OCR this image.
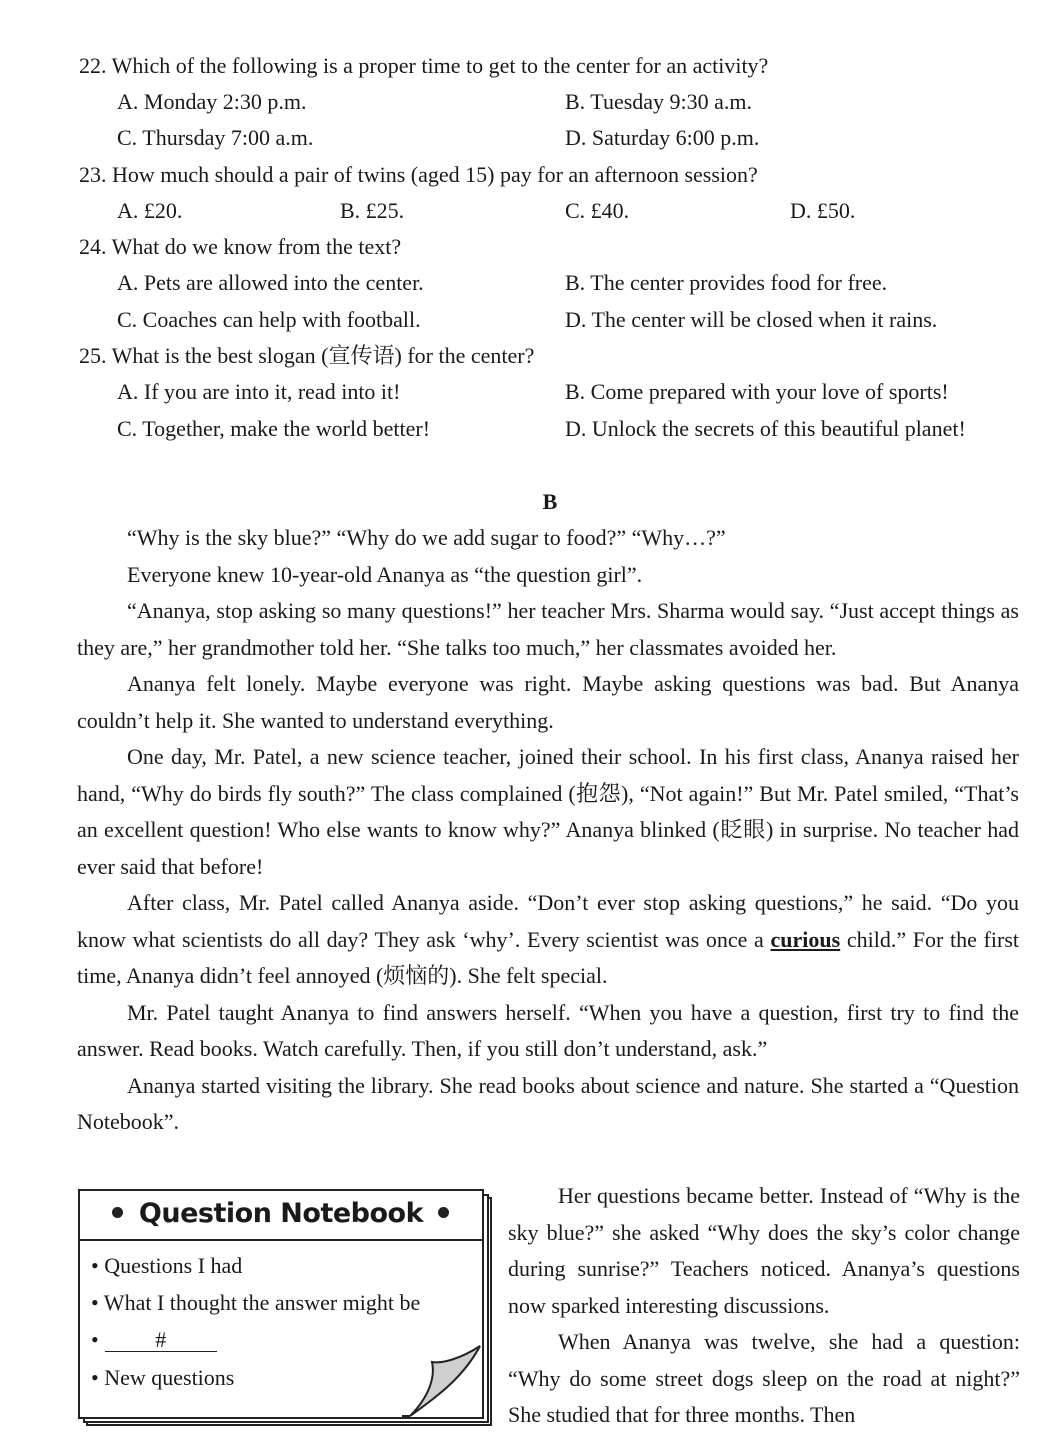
22. Which of the following is a proper time to get to the center for an activity?
A. Monday 2:30 p.m.	B. Tuesday 9:30 a.m.
C. Thursday 7:00 a.m.	D. Saturday 6:00 p.m.
23. How much should a pair of twins (aged 15) pay for an afternoon session?
A. £20.	B. £25.	C. £40.	D. £50.
24. What do we know from the text?
A. Pets are allowed into the center.	B. The center provides food for free.
C. Coaches can help with football.	D. The center will be closed when it rains.
25. What is the best slogan (宣传语) for the center?
A. If you are into it, read into it!	B. Come prepared with your love of sports!
C. Together, make the world better!	D. Unlock the secrets of this beautiful planet!
B

“Why is the sky blue?” “Why do we add sugar to food?” “Why…?”

Everyone knew 10-year-old Ananya as “the question girl”.

“Ananya, stop asking so many questions!” her teacher Mrs. Sharma would say. “Just accept things as they are,” her grandmother told her. “She talks too much,” her classmates avoided her.

Ananya felt lonely. Maybe everyone was right. Maybe asking questions was bad. But Ananya couldn’t help it. She wanted to understand everything.

One day, Mr. Patel, a new science teacher, joined their school. In his first class, Ananya raised her hand, “Why do birds fly south?” The class complained (抱怨), “Not again!” But Mr. Patel smiled, “That’s an excellent question! Who else wants to know why?” Ananya blinked (眨眼) in surprise. No teacher had ever said that before!

After class, Mr. Patel called Ananya aside. “Don’t ever stop asking questions,” he said. “Do you know what scientists do all day? They ask ‘why’. Every scientist was once a curious child.” For the first time, Ananya didn’t feel annoyed (烦恼的). She felt special.

Mr. Patel taught Ananya to find answers herself. “When you have a question, first try to find the answer. Read books. Watch carefully. Then, if you still don’t understand, ask.”

Ananya started visiting the library. She read books about science and nature. She started a “Question Notebook”.

Question Notebook
• Questions I had
• What I thought the answer might be
•	#
• New questions

Her questions became better. Instead of “Why is the sky blue?” she asked “Why does the sky’s color change during sunrise?” Teachers noticed. Ananya’s questions now sparked interesting discussions.

When Ananya was twelve, she had a question: “Why do some street dogs sleep on the road at night?” She studied that for three months. Then
